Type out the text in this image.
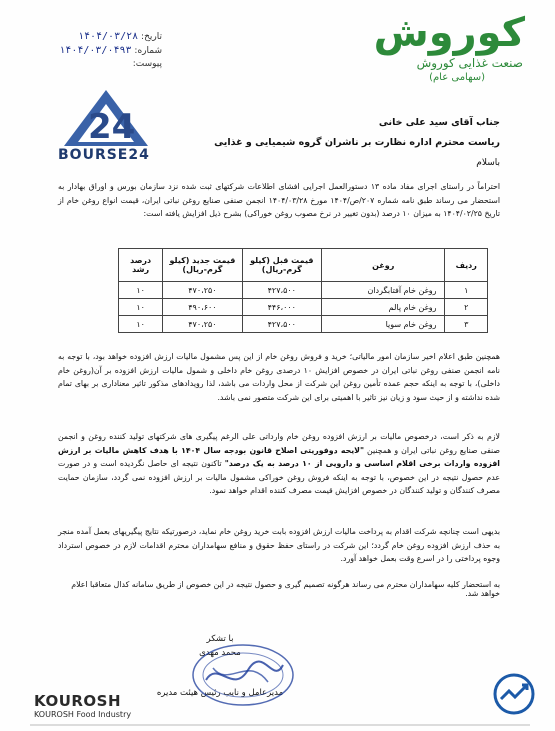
کوروش
صنعت غذایی کوروش
(سهامی عام)
تاریخ: ۱۴۰۴/۰۳/۲۸
شماره: ۱۴۰۴/۰۳/۰۴۹۳
پیوست:
24
BOURSE24
جناب آقای سید علی خانی
ریاست محترم اداره نظارت بر ناشران گروه شیمیایی و غذایی
باسلام
احتراماً در راستای اجرای مفاد ماده ۱۳ دستورالعمل اجرایی افشای اطلاعات شرکتهای ثبت شده نزد سازمان بورس و اوراق بهادار به استحضار می رساند طبق نامه شماره ۲۰۷/ص/۱۴۰۴ مورخ ۱۴۰۴/۰۳/۲۸ انجمن صنفی صنایع روغن نباتی ایران، قیمت انواع روغن خام از تاریخ ۱۴۰۴/۰۲/۲۵ به میزان ۱۰ درصد (بدون تغییر در نرخ مصوب روغن خوراکی) بشرح ذیل افزایش یافته است:
ردیف	روغن	قیمت قبل (کیلو گرم-ریال)	قیمت جدید (کیلو گرم-ریال)	درصد رشد
۱	روغن خام آفتابگردان	۴۲۷،۵۰۰	۴۷۰،۲۵۰	۱۰
۲	روغن خام پالم	۴۴۶،۰۰۰	۴۹۰،۶۰۰	۱۰
۳	روغن خام سویا	۴۲۷،۵۰۰	۴۷۰،۲۵۰	۱۰
همچنین طبق اعلام اخیر سازمان امور مالیاتی؛ خرید و فروش روغن خام از این پس مشمول مالیات ارزش افزوده خواهد بود، با توجه به نامه انجمن صنفی روغن نباتی ایران در خصوص افزایش ۱۰ درصدی روغن خام داخلی و شمول مالیات ارزش افزوده بر آن(روغن خام داخلی)، با توجه به اینکه حجم عمده تأمین روغن این شرکت از محل واردات می باشد، لذا رویدادهای مذکور تاثیر معناداری بر بهای تمام شده نداشته و از حیث سود و زیان نیز تاثیر با اهمیتی برای این شرکت متصور نمی باشد.
لازم به ذکر است، درخصوص مالیات بر ارزش افزوده روغن خام وارداتی علی الرغم پیگیری های شرکتهای تولید کننده روغن و انجمن صنفی صنایع روغن نباتی ایران و همچنین "لایحه دوفوریتی اصلاح قانون بودجه سال ۱۴۰۴ با هدف کاهش مالیات بر ارزش افزوده واردات برخی اقلام اساسی و دارویی از ۱۰ درصد به یک درصد" تاکنون نتیجه ای حاصل نگردیده است و در صورت عدم حصول نتیجه در این خصوص، با توجه به اینکه فروش روغن خوراکی مشمول مالیات بر ارزش افزوده نمی گردد، سازمان حمایت مصرف کنندگان و تولید کنندگان در خصوص افزایش قیمت مصرف کننده اقدام خواهد نمود.
بدیهی است چنانچه شرکت اقدام به پرداخت مالیات ارزش افزوده بابت خرید روغن خام نماید، درصورتیکه نتایج پیگیریهای بعمل آمده منجر به حذف ارزش افزوده روغن خام گردد؛ این شرکت در راستای حفظ حقوق و منافع سهامداران محترم اقدامات لازم در خصوص استرداد وجوه پرداختی را در اسرع وقت بعمل خواهد آورد.
به استحضار کلیه سهامداران محترم می رساند هرگونه تصمیم گیری و حصول نتیجه در این خصوص از طریق سامانه کدال متعاقبا اعلام خواهد شد.
با تشکر
محمد مهدی
مدیرعامل و نایب رئیس هیئت مدیره
KOUROSH
KOUROSH Food Industry
